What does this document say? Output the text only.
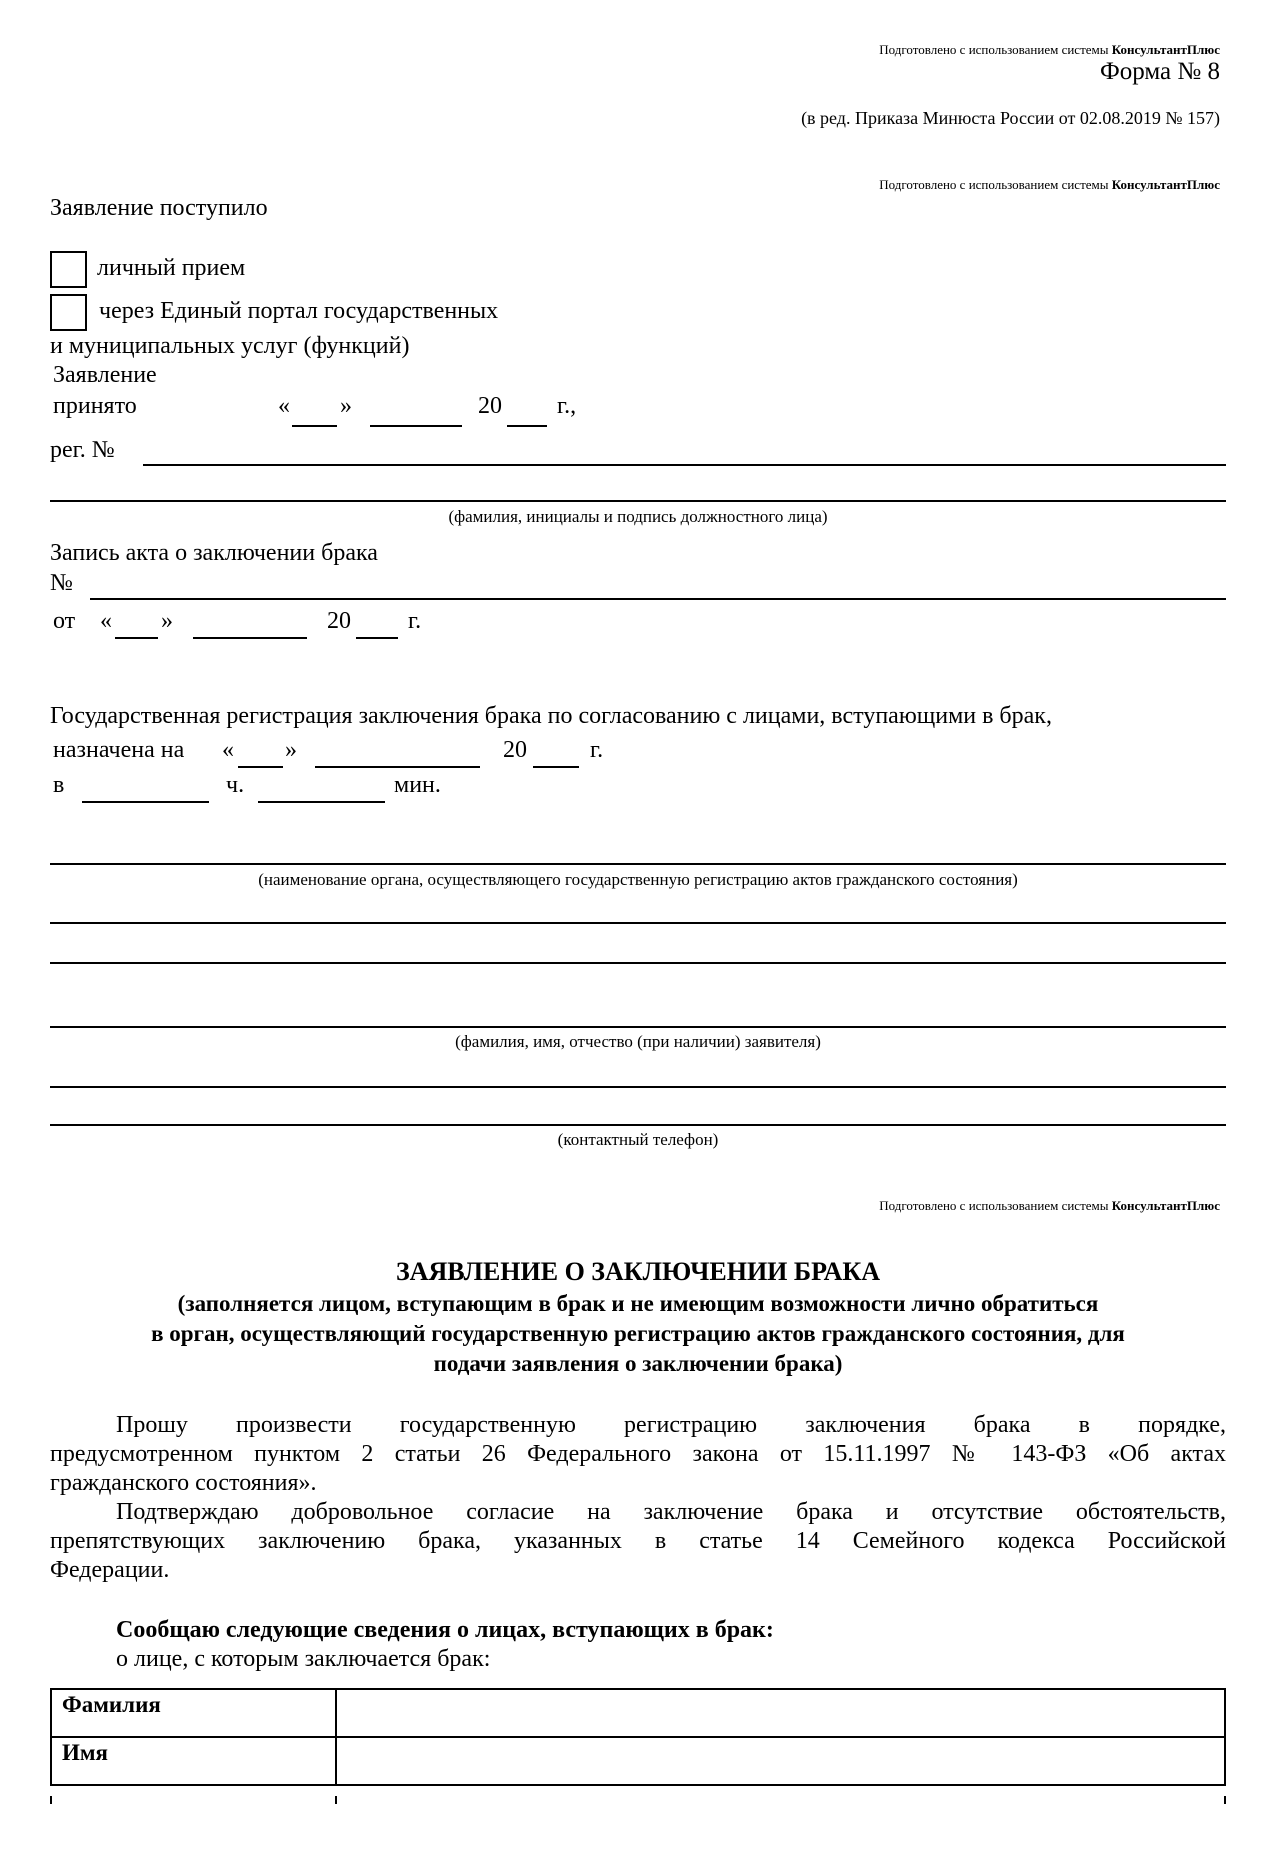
Подготовлено с использованием системы КонсультантПлюс
Форма № 8
(в ред. Приказа Минюста России от 02.08.2019 № 157)
Подготовлено с использованием системы КонсультантПлюс
Заявление поступило
личный прием
через Единый портал государственных
и муниципальных услуг (функций)
Заявление
принято	« »	20 г.,
рег. №
(фамилия, инициалы и подпись должностного лица)
Запись акта о заключении брака
№
от « »	20 г.
Государственная регистрация заключения брака по согласованию с лицами, вступающими в брак,
назначена на « »	20	г.
в	ч.	мин.
(наименование органа, осуществляющего государственную регистрацию актов гражданского состояния)
(фамилия, имя, отчество (при наличии) заявителя)
(контактный телефон)
Подготовлено с использованием системы КонсультантПлюс
ЗАЯВЛЕНИЕ О ЗАКЛЮЧЕНИИ БРАКА
(заполняется лицом, вступающим в брак и не имеющим возможности лично обратиться
в орган, осуществляющий государственную регистрацию актов гражданского состояния, для
подачи заявления о заключении брака)
Прошу произвести государственную регистрацию заключения брака в порядке,
предусмотренном пунктом 2 статьи 26 Федерального закона от 15.11.1997 № 143-ФЗ «Об актах
гражданского состояния».
Подтверждаю добровольное согласие на заключение брака и отсутствие обстоятельств,
препятствующих заключению брака, указанных в статье 14 Семейного кодекса Российской
Федерации.
Сообщаю следующие сведения о лицах, вступающих в брак:
о лице, с которым заключается брак:
Фамилия	
Имя	
